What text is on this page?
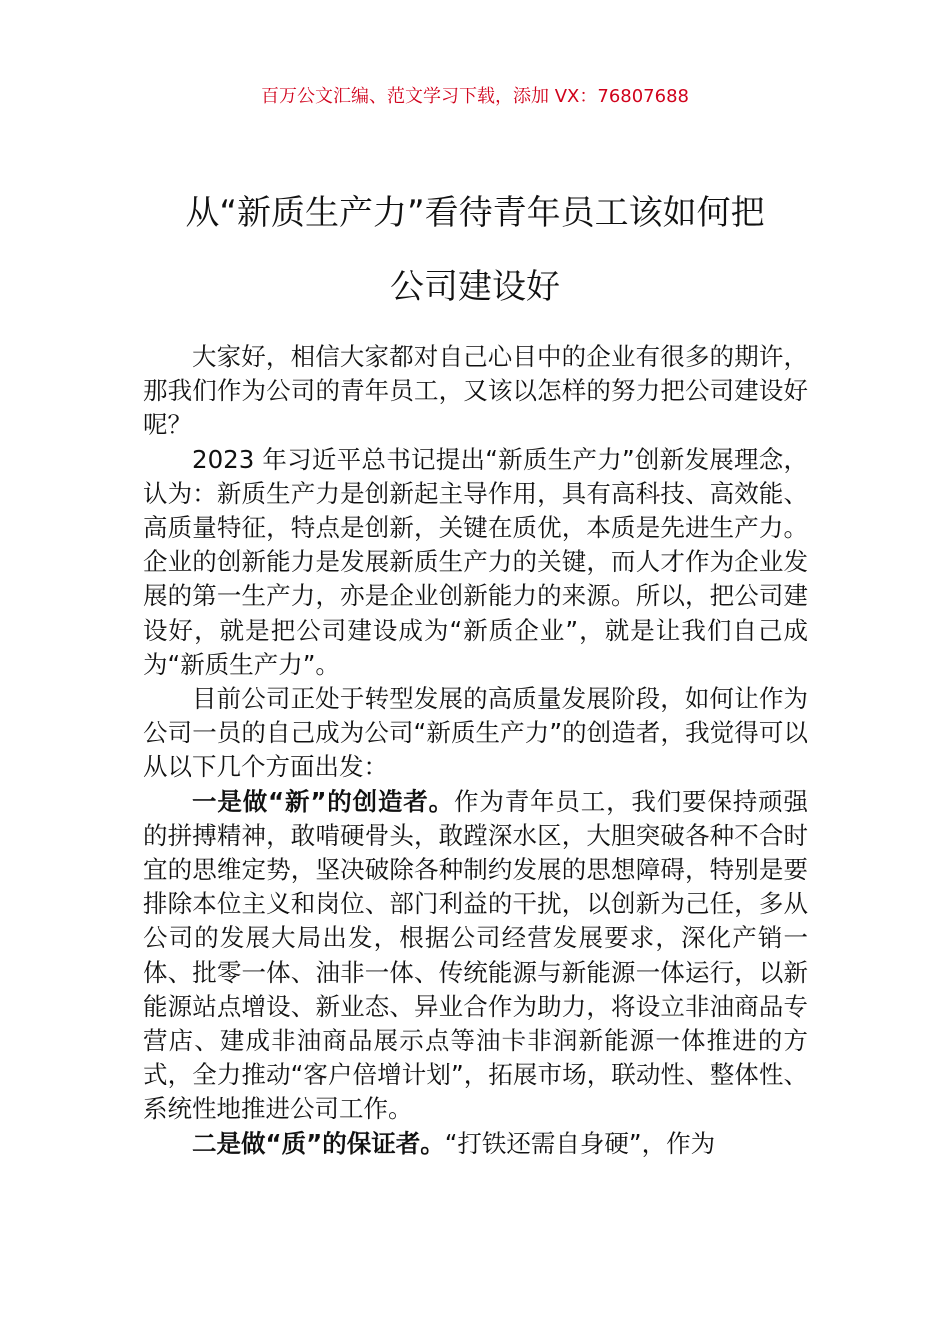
百万公文汇编、范文学习下载，添加 VX：76807688
从“新质生产力”看待青年员工该如何把
公司建设好

大家好，相信大家都对自己心目中的企业有很多的期许，那我们作为公司的青年员工，又该以怎样的努力把公司建设好呢？

2023 年习近平总书记提出“新质生产力”创新发展理念，认为：新质生产力是创新起主导作用，具有高科技、高效能、高质量特征，特点是创新，关键在质优，本质是先进生产力。企业的创新能力是发展新质生产力的关键，而人才作为企业发展的第一生产力，亦是企业创新能力的来源。所以，把公司建设好，就是把公司建设成为“新质企业”，就是让我们自己成为“新质生产力”。

目前公司正处于转型发展的高质量发展阶段，如何让作为公司一员的自己成为公司“新质生产力”的创造者，我觉得可以从以下几个方面出发：

一是做“新”的创造者。作为青年员工，我们要保持顽强的拼搏精神，敢啃硬骨头，敢蹚深水区，大胆突破各种不合时宜的思维定势，坚决破除各种制约发展的思想障碍，特别是要排除本位主义和岗位、部门利益的干扰，以创新为己任，多从公司的发展大局出发，根据公司经营发展要求，深化产销一体、批零一体、油非一体、传统能源与新能源一体运行，以新能源站点增设、新业态、异业合作为助力，将设立非油商品专营店、建成非油商品展示点等油卡非润新能源一体推进的方式，全力推动“客户倍增计划”，拓展市场，联动性、整体性、系统性地推进公司工作。

二是做“质”的保证者。“打铁还需自身硬”，作为
